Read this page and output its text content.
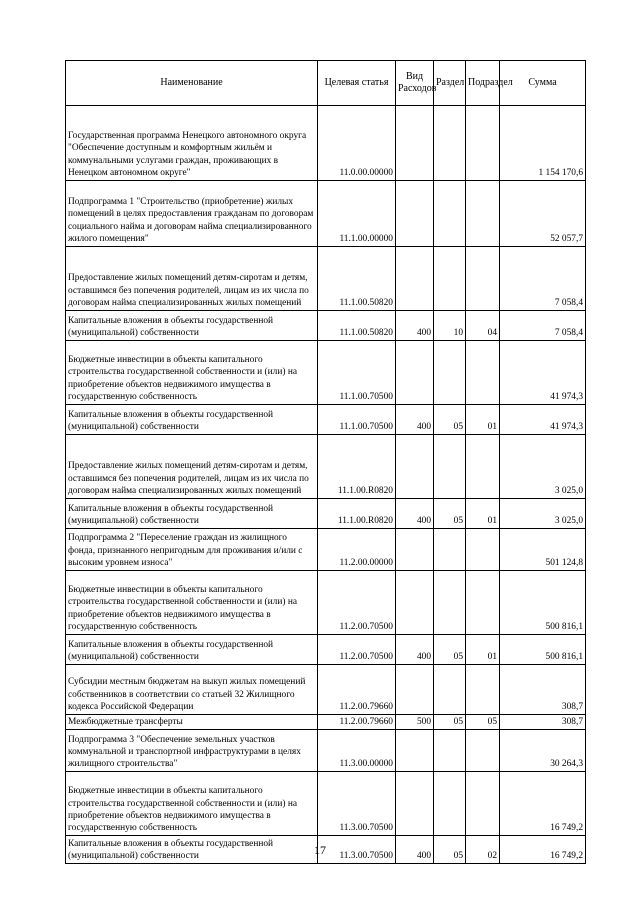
Наименование	Целевая статья	Вид Расходов	Раздел	Подраздел	Сумма
Государственная программа Ненецкого автономного округа "Обеспечение доступным и комфортным жильём и коммунальными услугами граждан, проживающих в Ненецком автономном округе"	11.0.00.00000				1 154 170,6
Подпрограмма 1 "Строительство (приобретение) жилых помещений в целях предоставления гражданам по договорам социального найма и договорам найма специализированного жилого помещения"	11.1.00.00000				52 057,7
Предоставление жилых помещений детям-сиротам и детям, оставшимся без попечения родителей, лицам из их числа по договорам найма специализированных жилых помещений	11.1.00.50820				7 058,4
Капитальные вложения в объекты государственной (муниципальной) собственности	11.1.00.50820	400	10	04	7 058,4
Бюджетные инвестиции в объекты капитального строительства государственной собственности и (или) на приобретение объектов недвижимого имущества в государственную собственность	11.1.00.70500				41 974,3
Капитальные вложения в объекты государственной (муниципальной) собственности	11.1.00.70500	400	05	01	41 974,3
Предоставление жилых помещений детям-сиротам и детям, оставшимся без попечения родителей, лицам из их числа по договорам найма специализированных жилых помещений	11.1.00.R0820				3 025,0
Капитальные вложения в объекты государственной (муниципальной) собственности	11.1.00.R0820	400	05	01	3 025,0
Подпрограмма 2 "Переселение граждан из жилищного фонда, признанного непригодным для проживания и/или с высоким уровнем износа"	11.2.00.00000				501 124,8
Бюджетные инвестиции в объекты капитального строительства государственной собственности и (или) на приобретение объектов недвижимого имущества в государственную собственность	11.2.00.70500				500 816,1
Капитальные вложения в объекты государственной (муниципальной) собственности	11.2.00.70500	400	05	01	500 816,1
Субсидии местным бюджетам на выкуп жилых помещений собственников в соответствии со статьей 32 Жилищного кодекса Российской Федерации	11.2.00.79660				308,7
Межбюджетные трансферты	11.2.00.79660	500	05	05	308,7
Подпрограмма 3 "Обеспечение земельных участков коммунальной и транспортной инфраструктурами в целях жилищного строительства"	11.3.00.00000				30 264,3
Бюджетные инвестиции в объекты капитального строительства государственной собственности и (или) на приобретение объектов недвижимого имущества в государственную собственность	11.3.00.70500				16 749,2
Капитальные вложения в объекты государственной (муниципальной) собственности	11.3.00.70500	400	05	02	16 749,2
17
